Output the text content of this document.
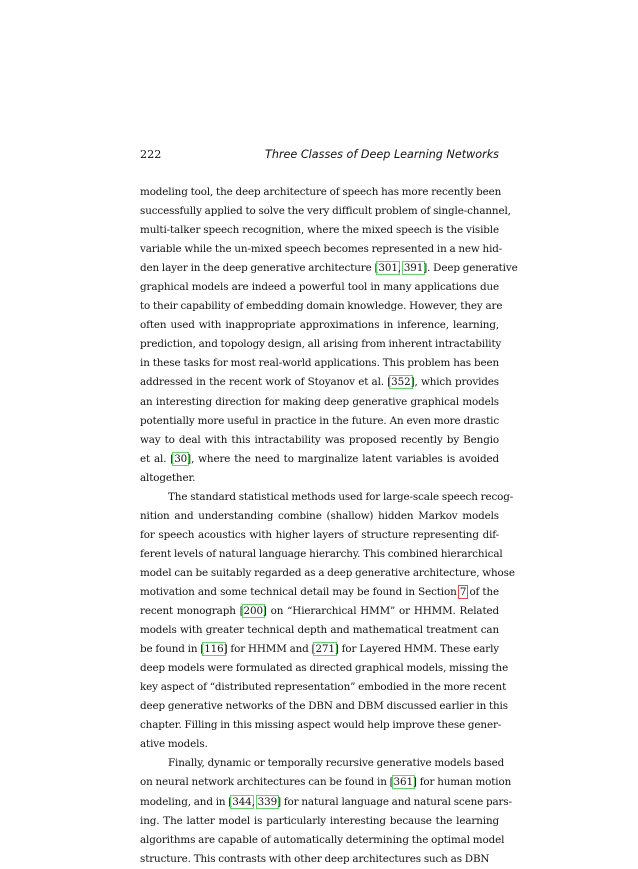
222	Three Classes of Deep Learning Networks
modeling tool, the deep architecture of speech has more recently been
successfully applied to solve the very difficult problem of single-channel,
multi-talker speech recognition, where the mixed speech is the visible
variable while the un-mixed speech becomes represented in a new hid-
den layer in the deep generative architecture [301, 391]. Deep generative
graphical models are indeed a powerful tool in many applications due
to their capability of embedding domain knowledge. However, they are
often used with inappropriate approximations in inference, learning,
prediction, and topology design, all arising from inherent intractability
in these tasks for most real-world applications. This problem has been
addressed in the recent work of Stoyanov et al. [352], which provides
an interesting direction for making deep generative graphical models
potentially more useful in practice in the future. An even more drastic
way to deal with this intractability was proposed recently by Bengio
et al. [30], where the need to marginalize latent variables is avoided
altogether.
The standard statistical methods used for large-scale speech recog-
nition and understanding combine (shallow) hidden Markov models
for speech acoustics with higher layers of structure representing dif-
ferent levels of natural language hierarchy. This combined hierarchical
model can be suitably regarded as a deep generative architecture, whose
motivation and some technical detail may be found in Section 7 of the
recent monograph [200] on “Hierarchical HMM” or HHMM. Related
models with greater technical depth and mathematical treatment can
be found in [116] for HHMM and [271] for Layered HMM. These early
deep models were formulated as directed graphical models, missing the
key aspect of “distributed representation” embodied in the more recent
deep generative networks of the DBN and DBM discussed earlier in this
chapter. Filling in this missing aspect would help improve these gener-
ative models.
Finally, dynamic or temporally recursive generative models based
on neural network architectures can be found in [361] for human motion
modeling, and in [344, 339] for natural language and natural scene pars-
ing. The latter model is particularly interesting because the learning
algorithms are capable of automatically determining the optimal model
structure. This contrasts with other deep architectures such as DBN
